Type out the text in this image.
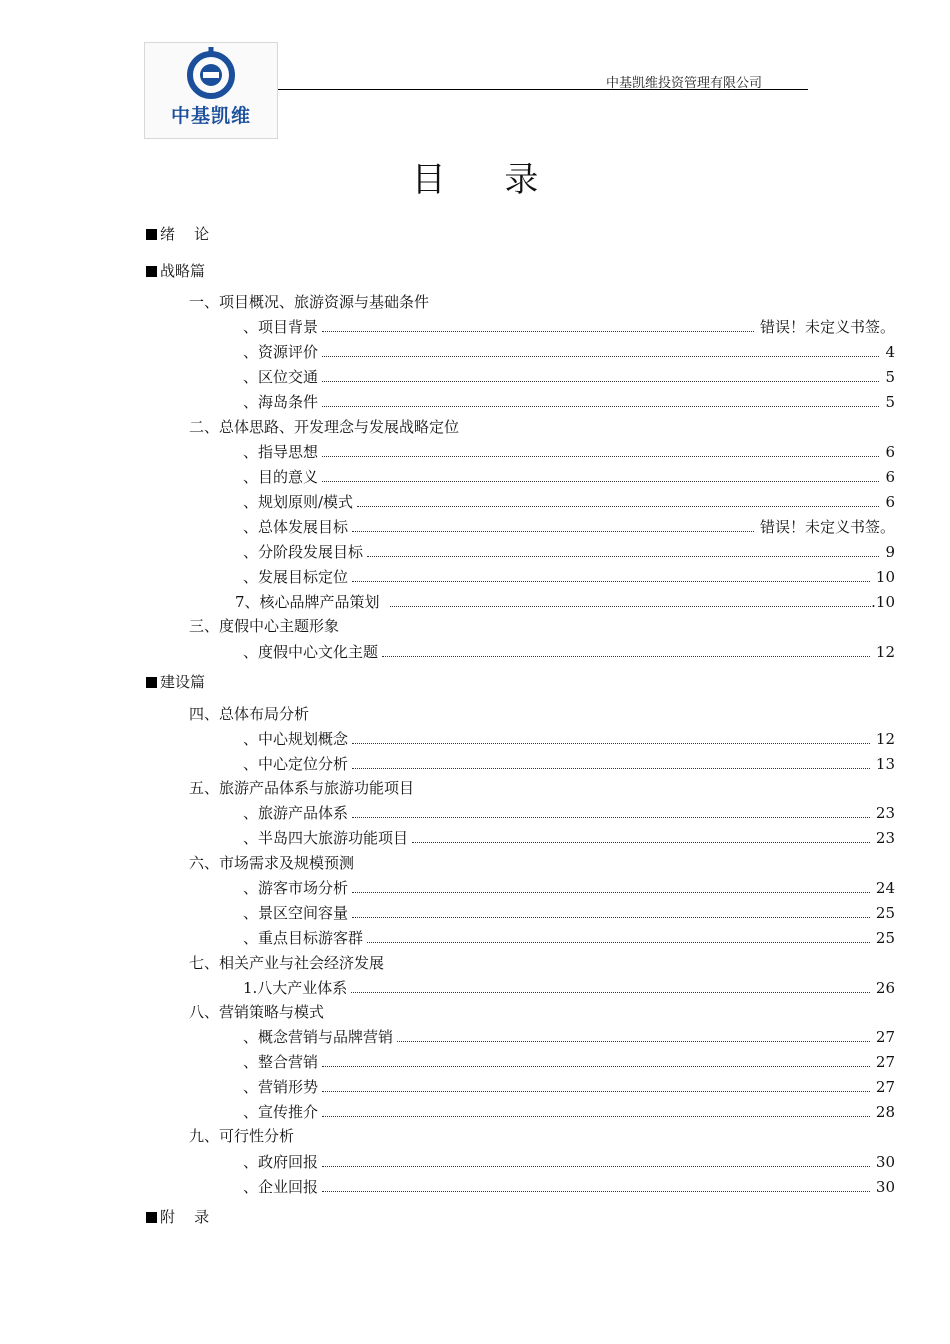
中基凯维
中基凯维投资管理有限公司
目 录
绪    论
战略篇
一、项目概况、旅游资源与基础条件
、项目背景	错误！未定义书签。
、资源评价	4
、区位交通	5
、海岛条件	5
二、总体思路、开发理念与发展战略定位
、指导思想	6
、目的意义	6
、规划原则/模式	6
、总体发展目标	错误！未定义书签。
、分阶段发展目标	9
、发展目标定位	10
7、核心品牌产品策划	.10
三、度假中心主题形象
、度假中心文化主题	12
建设篇
四、总体布局分析
、中心规划概念	12
、中心定位分析	13
五、旅游产品体系与旅游功能项目
、旅游产品体系	23
、半岛四大旅游功能项目	23
六、市场需求及规模预测
、游客市场分析	24
、景区空间容量	25
、重点目标游客群	25
七、相关产业与社会经济发展
1.八大产业体系	26
八、营销策略与模式
、概念营销与品牌营销	27
、整合营销	27
、营销形势	27
、宣传推介	28
九、可行性分析
、政府回报	30
、企业回报	30
附    录
